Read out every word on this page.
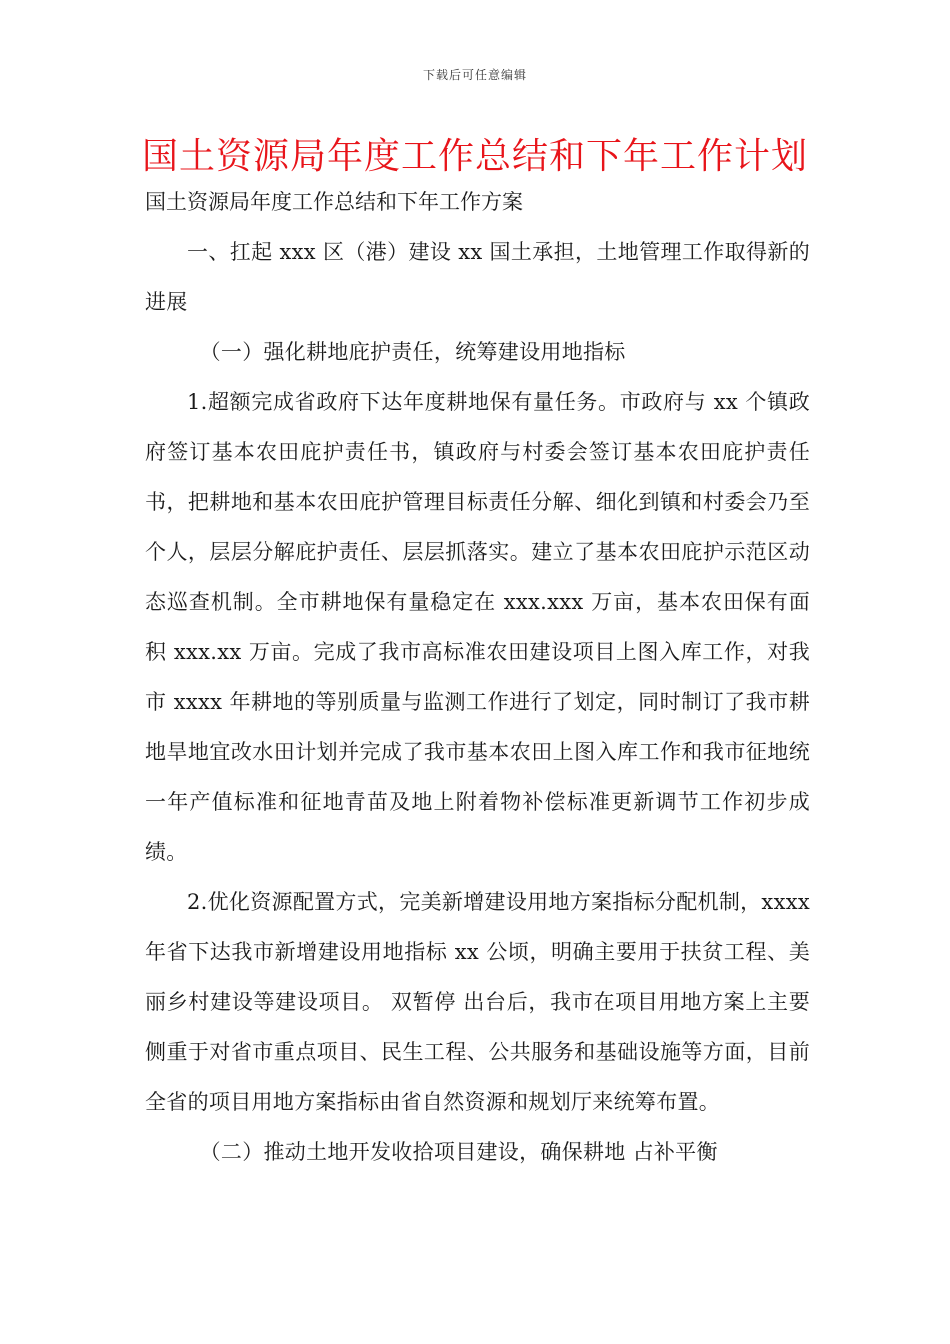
下载后可任意编辑
国土资源局年度工作总结和下年工作计划
国土资源局年度工作总结和下年工作方案

一、扛起 xxx 区（港）建设 xx 国土承担，土地管理工作取得新的进展

（一）强化耕地庇护责任，统筹建设用地指标

1.超额完成省政府下达年度耕地保有量任务。市政府与 xx 个镇政府签订基本农田庇护责任书，镇政府与村委会签订基本农田庇护责任书，把耕地和基本农田庇护管理目标责任分解、细化到镇和村委会乃至个人，层层分解庇护责任、层层抓落实。建立了基本农田庇护示范区动态巡查机制。全市耕地保有量稳定在 xxx.xxx 万亩，基本农田保有面积 xxx.xx 万亩。完成了我市高标准农田建设项目上图入库工作，对我市 xxxx 年耕地的等别质量与监测工作进行了划定，同时制订了我市耕地旱地宜改水田计划并完成了我市基本农田上图入库工作和我市征地统一年产值标准和征地青苗及地上附着物补偿标准更新调节工作初步成绩。

2.优化资源配置方式，完美新增建设用地方案指标分配机制，xxxx 年省下达我市新增建设用地指标 xx 公顷，明确主要用于扶贫工程、美丽乡村建设等建设项目。 双暂停 出台后，我市在项目用地方案上主要侧重于对省市重点项目、民生工程、公共服务和基础设施等方面，目前全省的项目用地方案指标由省自然资源和规划厅来统筹布置。

（二）推动土地开发收拾项目建设，确保耕地 占补平衡
